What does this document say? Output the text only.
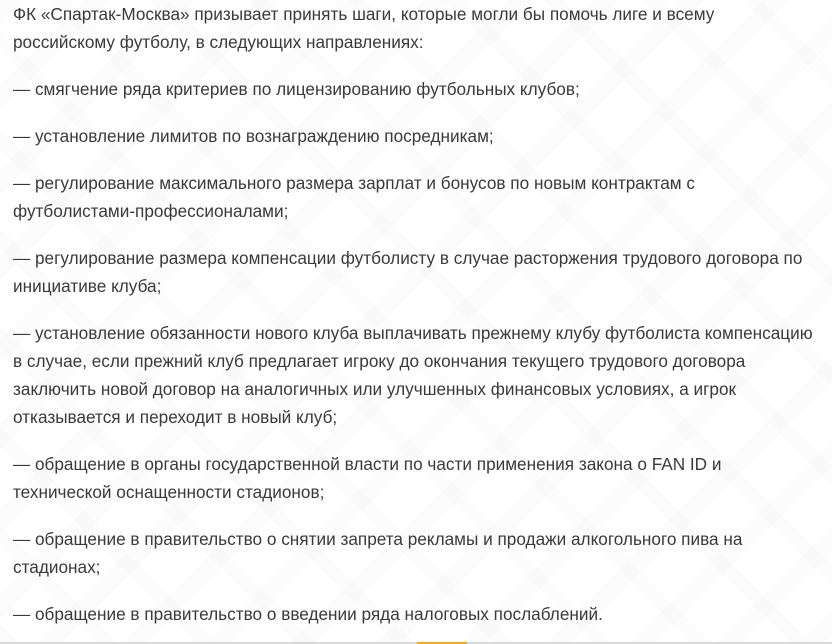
ФК «Спартак-Москва» призывает принять шаги, которые могли бы помочь лиге и всему российскому футболу, в следующих направлениях:

— смягчение ряда критериев по лицензированию футбольных клубов;

— установление лимитов по вознаграждению посредникам;

— регулирование максимального размера зарплат и бонусов по новым контрактам с футболистами-профессионалами;

— регулирование размера компенсации футболисту в случае расторжения трудового договора по инициативе клуба;

— установление обязанности нового клуба выплачивать прежнему клубу футболиста компенсацию в случае, если прежний клуб предлагает игроку до окончания текущего трудового договора заключить новой договор на аналогичных или улучшенных финансовых условиях, а игрок отказывается и переходит в новый клуб;

— обращение в органы государственной власти по части применения закона о FAN ID и технической оснащенности стадионов;

— обращение в правительство о снятии запрета рекламы и продажи алкогольного пива на стадионах;

— обращение в правительство о введении ряда налоговых послаблений.
